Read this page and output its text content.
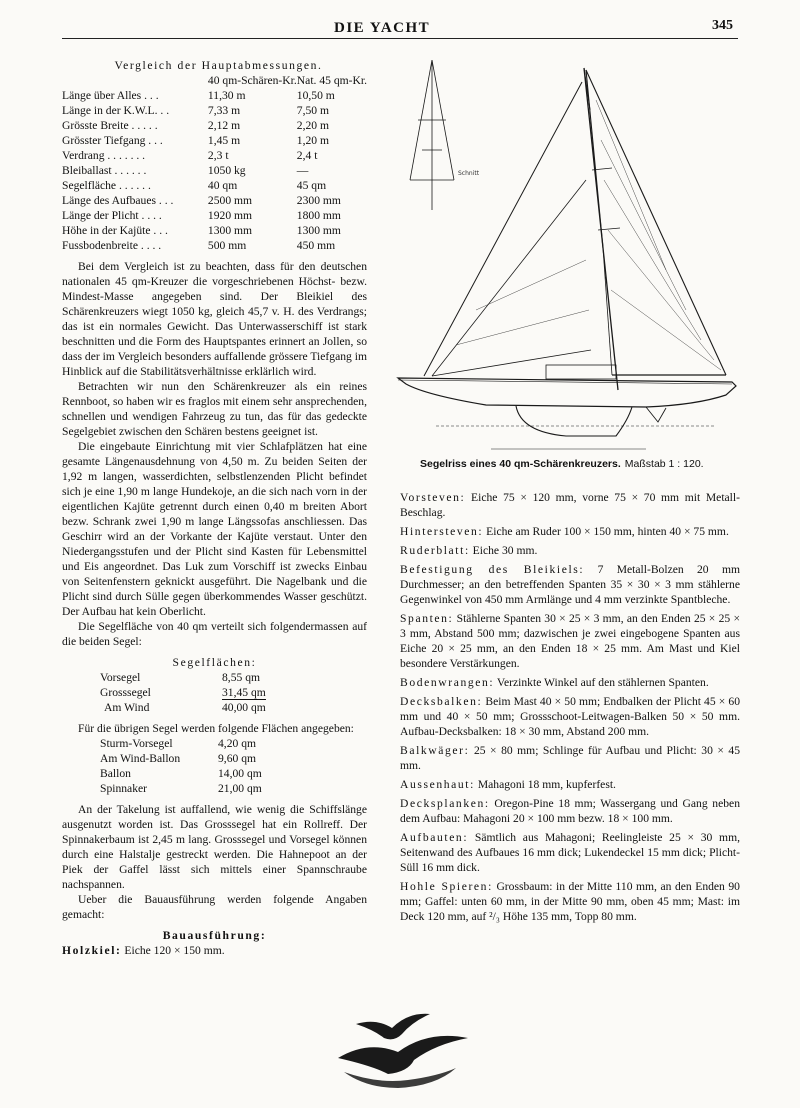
DIE YACHT	345
Vergleich der Hauptabmessungen.
	40 qm-Schären-Kr.	Nat. 45 qm-Kr.
Länge über Alles . . .	11,30 m	10,50 m
Länge in der K.W.L. . .	7,33 m	7,50 m
Grösste Breite . . . . .	2,12 m	2,20 m
Grösster Tiefgang . . .	1,45 m	1,20 m
Verdrang . . . . . . .	2,3 t	2,4 t
Bleiballast . . . . . .	1050 kg	—
Segelfläche . . . . . .	40 qm	45 qm
Länge des Aufbaues . . .	2500 mm	2300 mm
Länge der Plicht . . . .	1920 mm	1800 mm
Höhe in der Kajüte . . .	1300 mm	1300 mm
Fussbodenbreite . . . .	500 mm	450 mm

Bei dem Vergleich ist zu beachten, dass für den deutschen nationalen 45 qm-Kreuzer die vorgeschriebenen Höchst- bezw. Mindest-Masse angegeben sind. Der Bleikiel des Schärenkreuzers wiegt 1050 kg, gleich 45,7 v. H. des Verdrangs; das ist ein normales Gewicht. Das Unterwasserschiff ist stark beschnitten und die Form des Hauptspantes erinnert an Jollen, so dass der im Vergleich besonders auffallende grössere Tiefgang im Hinblick auf die Stabilitätsverhältnisse erklärlich wird.

Betrachten wir nun den Schärenkreuzer als ein reines Rennboot, so haben wir es fraglos mit einem sehr ansprechenden, schnellen und wendigen Fahrzeug zu tun, das für das gedeckte Segelgebiet zwischen den Schären bestens geeignet ist.

Die eingebaute Einrichtung mit vier Schlafplätzen hat eine gesamte Längenausdehnung von 4,50 m. Zu beiden Seiten der 1,92 m langen, wasserdichten, selbstlenzenden Plicht befindet sich je eine 1,90 m lange Hundekoje, an die sich nach vorn in der eigentlichen Kajüte getrennt durch einen 0,40 m breiten Abort bezw. Schrank zwei 1,90 m lange Längssofas anschliessen. Das Geschirr wird an der Vorkante der Kajüte verstaut. Unter den Niedergangsstufen und der Plicht sind Kasten für Lebensmittel und Eis angeordnet. Das Luk zum Vorschiff ist zwecks Einbau von Seitenfenstern geknickt ausgeführt. Die Nagelbank und die Plicht sind durch Sülle gegen überkommendes Wasser geschützt. Der Aufbau hat kein Oberlicht.

Die Segelfläche von 40 qm verteilt sich folgendermassen auf die beiden Segel:

Segelflächen:
Vorsegel	8,55 qm
Grosssegel	31,45 qm
Am Wind	40,00 qm

Für die übrigen Segel werden folgende Flächen angegeben:

Sturm-Vorsegel	4,20 qm
Am Wind-Ballon	9,60 qm
Ballon	14,00 qm
Spinnaker	21,00 qm

An der Takelung ist auffallend, wie wenig die Schiffslänge ausgenutzt worden ist. Das Grosssegel hat ein Rollreff. Der Spinnakerbaum ist 2,45 m lang. Grosssegel und Vorsegel können durch eine Halstalje gestreckt werden. Die Hahnepoot an der Piek der Gaffel lässt sich mittels einer Spannschraube nachspannen.

Ueber die Bauausführung werden folgende Angaben gemacht:

Bauausführung:

Holzkiel: Eiche 120 × 150 mm.

Schnitt
Segelriss eines 40 qm-Schärenkreuzers. Maßstab 1 : 120.

Vorsteven: Eiche 75 × 120 mm, vorne 75 × 70 mm mit Metall-Beschlag.

Hintersteven: Eiche am Ruder 100 × 150 mm, hinten 40 × 75 mm.

Ruderblatt: Eiche 30 mm.

Befestigung des Bleikiels: 7 Metall-Bolzen 20 mm Durchmesser; an den betreffenden Spanten 35 × 30 × 3 mm stählerne Gegenwinkel von 450 mm Armlänge und 4 mm verzinkte Spantbleche.

Spanten: Stählerne Spanten 30 × 25 × 3 mm, an den Enden 25 × 25 × 3 mm, Abstand 500 mm; dazwischen je zwei eingebogene Spanten aus Eiche 20 × 25 mm, an den Enden 18 × 25 mm. Am Mast und Kiel besondere Verstärkungen.

Bodenwrangen: Verzinkte Winkel auf den stählernen Spanten.

Decksbalken: Beim Mast 40 × 50 mm; Endbalken der Plicht 45 × 60 mm und 40 × 50 mm; Grossschoot-Leitwagen-Balken 50 × 50 mm. Aufbau-Decksbalken: 18 × 30 mm, Abstand 200 mm.

Balkwäger: 25 × 80 mm; Schlinge für Aufbau und Plicht: 30 × 45 mm.

Aussenhaut: Mahagoni 18 mm, kupferfest.

Decksplanken: Oregon-Pine 18 mm; Wassergang und Gang neben dem Aufbau: Mahagoni 20 × 100 mm bezw. 18 × 100 mm.

Aufbauten: Sämtlich aus Mahagoni; Reelingleiste 25 × 30 mm, Seitenwand des Aufbaues 16 mm dick; Lukendeckel 15 mm dick; Plicht-Süll 16 mm dick.

Hohle Spieren: Grossbaum: in der Mitte 110 mm, an den Enden 90 mm; Gaffel: unten 60 mm, in der Mitte 90 mm, oben 45 mm; Mast: im Deck 120 mm, auf ²/₃ Höhe 135 mm, Topp 80 mm.
